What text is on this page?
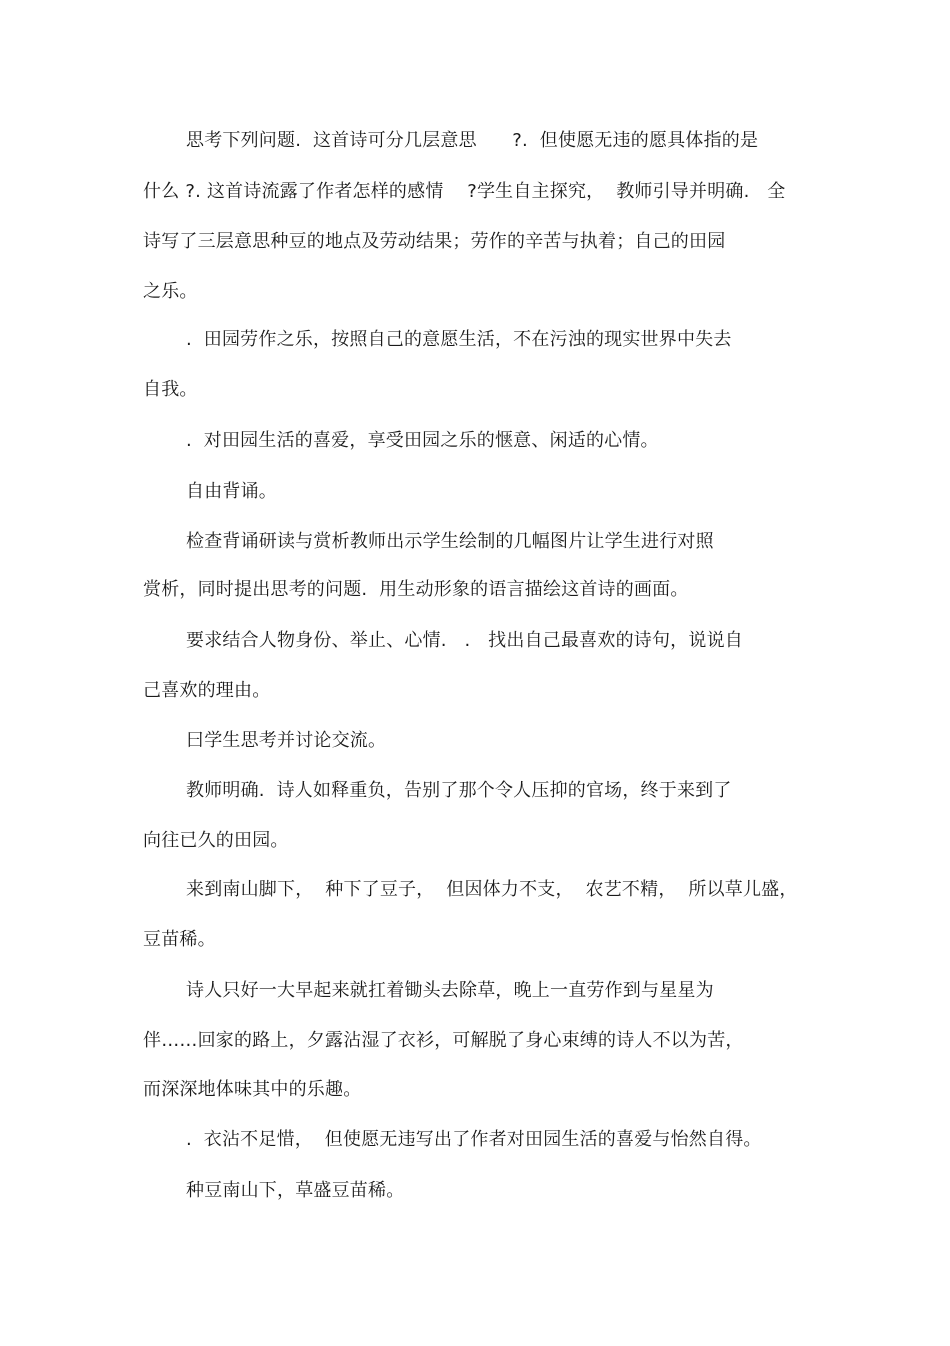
思考下列问题.  这首诗可分几层意思      ?.  但使愿无违的愿具体指的是
什么 ?. 这首诗流露了作者怎样的感情    ?学生自主探究，  教师引导并明确.   全
诗写了三层意思种豆的地点及劳动结果；劳作的辛苦与执着；自己的田园
之乐。
.  田园劳作之乐，按照自己的意愿生活，不在污浊的现实世界中失去
自我。
.  对田园生活的喜爱，享受田园之乐的惬意、闲适的心情。
自由背诵。
检查背诵研读与赏析教师出示学生绘制的几幅图片让学生进行对照
赏析，同时提出思考的问题.  用生动形象的语言描绘这首诗的画面。
要求结合人物身份、举止、心情.   .   找出自己最喜欢的诗句，说说自
己喜欢的理由。
曰学生思考并讨论交流。
教师明确.  诗人如释重负，告别了那个令人压抑的官场，终于来到了
向往已久的田园。
来到南山脚下，  种下了豆子，  但因体力不支，  农艺不精，  所以草儿盛，
豆苗稀。
诗人只好一大早起来就扛着锄头去除草，晚上一直劳作到与星星为
伴……回家的路上，夕露沾湿了衣衫，可解脱了身心束缚的诗人不以为苦，
而深深地体味其中的乐趣。
.  衣沾不足惜，  但使愿无违写出了作者对田园生活的喜爱与怡然自得。
种豆南山下，草盛豆苗稀。
